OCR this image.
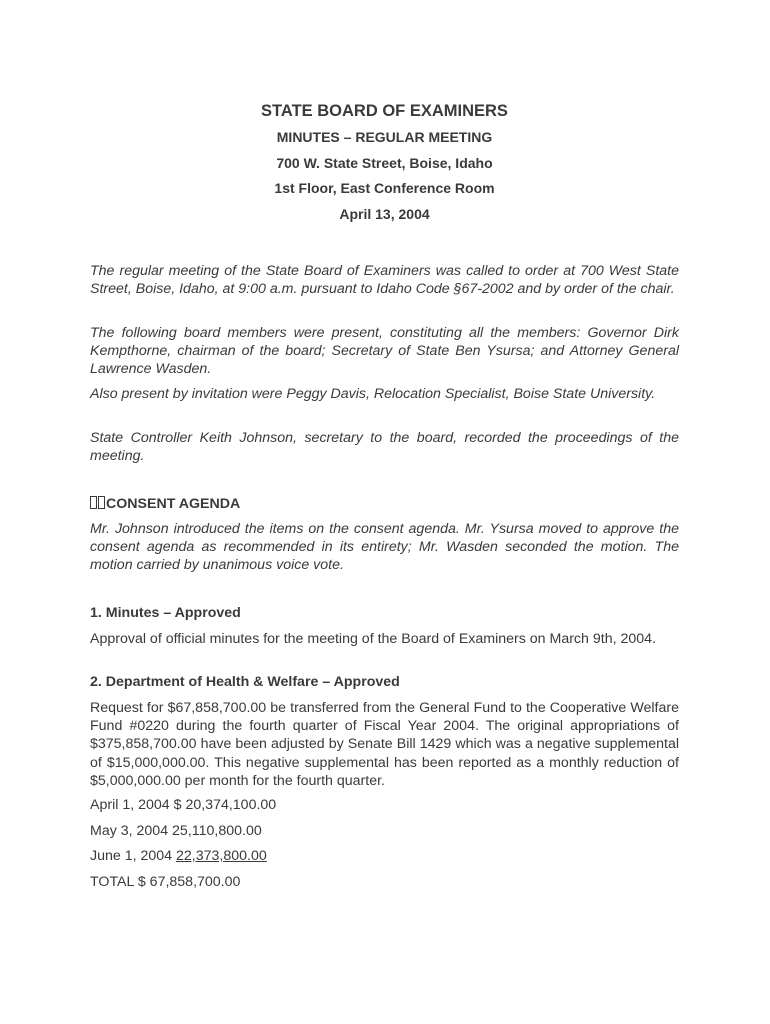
STATE BOARD OF EXAMINERS
MINUTES – REGULAR MEETING
700 W. State Street, Boise, Idaho
1st Floor, East Conference Room
April 13, 2004

The regular meeting of the State Board of Examiners was called to order at 700 West State Street, Boise, Idaho, at 9:00 a.m. pursuant to Idaho Code §67-2002 and by order of the chair.

The following board members were present, constituting all the members: Governor Dirk Kempthorne, chairman of the board; Secretary of State Ben Ysursa; and Attorney General Lawrence Wasden.

Also present by invitation were Peggy Davis, Relocation Specialist, Boise State University.

State Controller Keith Johnson, secretary to the board, recorded the proceedings of the meeting.

CONSENT AGENDA

Mr. Johnson introduced the items on the consent agenda. Mr. Ysursa moved to approve the consent agenda as recommended in its entirety; Mr. Wasden seconded the motion. The motion carried by unanimous voice vote.

1. Minutes – Approved

Approval of official minutes for the meeting of the Board of Examiners on March 9th, 2004.

2. Department of Health & Welfare – Approved

Request for $67,858,700.00 be transferred from the General Fund to the Cooperative Welfare Fund #0220 during the fourth quarter of Fiscal Year 2004. The original appropriations of $375,858,700.00 have been adjusted by Senate Bill 1429 which was a negative supplemental of $15,000,000.00. This negative supplemental has been reported as a monthly reduction of $5,000,000.00 per month for the fourth quarter.

April 1, 2004 $ 20,374,100.00
May 3, 2004 25,110,800.00
June 1, 2004 22,373,800.00
TOTAL $ 67,858,700.00
